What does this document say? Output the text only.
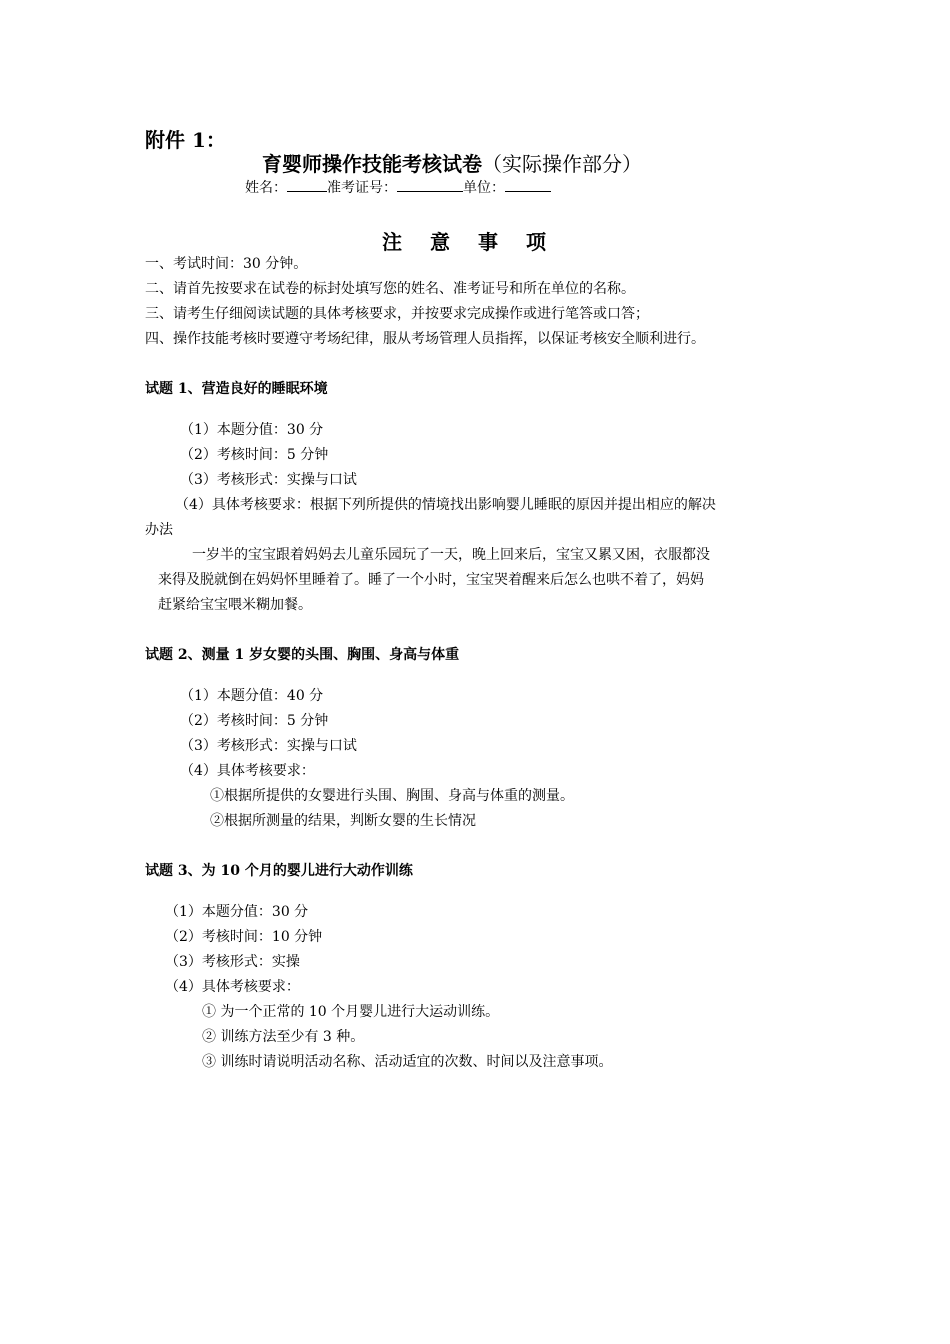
附件 1：
育婴师操作技能考核试卷（实际操作部分）
姓名：	准考证号：	单位：
注意事项
一、考试时间：30 分钟。
二、请首先按要求在试卷的标封处填写您的姓名、准考证号和所在单位的名称。
三、请考生仔细阅读试题的具体考核要求，并按要求完成操作或进行笔答或口答；
四、操作技能考核时要遵守考场纪律，服从考场管理人员指挥，以保证考核安全顺利进行。
试题 1、营造良好的睡眠环境
（1）本题分值：30 分
（2）考核时间：5 分钟
（3）考核形式：实操与口试
（4）具体考核要求：根据下列所提供的情境找出影响婴儿睡眠的原因并提出相应的解决
办法
一岁半的宝宝跟着妈妈去儿童乐园玩了一天，晚上回来后，宝宝又累又困，衣服都没
来得及脱就倒在妈妈怀里睡着了。睡了一个小时，宝宝哭着醒来后怎么也哄不着了，妈妈
赶紧给宝宝喂米糊加餐。
试题 2、测量 1 岁女婴的头围、胸围、身高与体重
（1）本题分值：40 分
（2）考核时间：5 分钟
（3）考核形式：实操与口试
（4）具体考核要求：
①根据所提供的女婴进行头围、胸围、身高与体重的测量。
②根据所测量的结果，判断女婴的生长情况
试题 3、为 10 个月的婴儿进行大动作训练
（1）本题分值：30 分
（2）考核时间：10 分钟
（3）考核形式：实操
（4）具体考核要求：
① 为一个正常的 10 个月婴儿进行大运动训练。
② 训练方法至少有 3 种。
③ 训练时请说明活动名称、活动适宜的次数、时间以及注意事项。
